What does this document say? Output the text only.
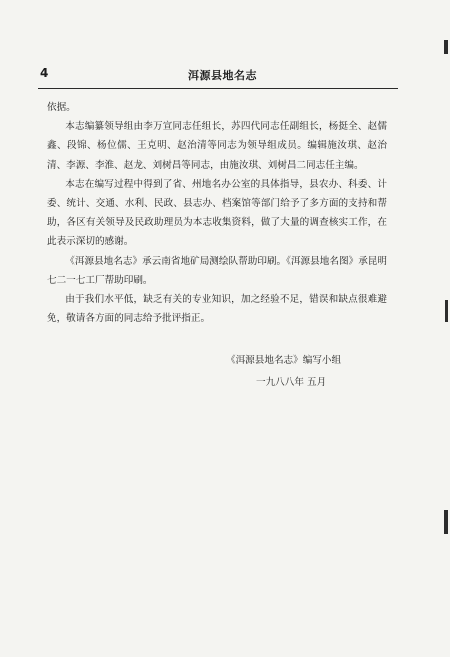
4	洱源县地名志

依据。

本志编纂领导组由李万宣同志任组长，苏四代同志任副组长，杨挺全、赵儒鑫、段锦、杨位儒、王克明、赵治清等同志为领导组成员。编辑施汝琪、赵治清、李源、李淮、赵龙、刘树昌等同志，由施汝琪、刘树昌二同志任主编。

本志在编写过程中得到了省、州地名办公室的具体指导，县农办、科委、计委、统计、交通、水利、民政、县志办、档案馆等部门给予了多方面的支持和帮助，各区有关领导及民政助理员为本志收集资料，做了大量的调查核实工作，在此表示深切的感谢。

《洱源县地名志》承云南省地矿局测绘队帮助印刷。《洱源县地名图》承昆明七二一七工厂帮助印刷。

由于我们水平低，缺乏有关的专业知识，加之经验不足，错误和缺点很难避免，敬请各方面的同志给予批评指正。

《洱源县地名志》编写小组
一九八八年 五月
